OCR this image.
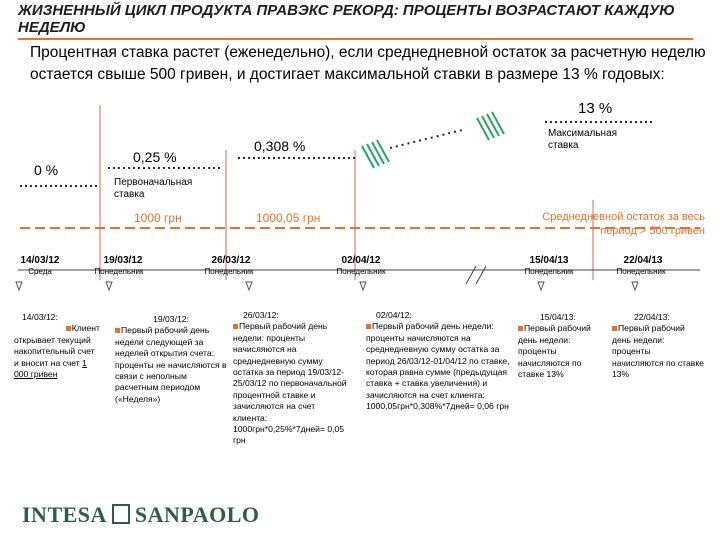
ЖИЗНЕННЫЙ ЦИКЛ ПРОДУКТА ПРАВЭКС РЕКОРД: ПРОЦЕНТЫ ВОЗРАСТАЮТ КАЖДУЮ НЕДЕЛЮ
Процентная ставка растет (еженедельно), если среднедневной остаток за расчетную неделю остается свыше 500 гривен, и достигает максимальной ставки в размере 13 % годовых:
0 %
0,25 %
Первоначальная ставка
0,308 %
13 %
Максимальная ставка
1000 грн	1000,05 грн	Среднедневной остаток за весь период > 500 гривен
14/03/12
Среда
19/03/12
Понедельник
26/03/12
Понедельник
02/04/12
Понедельник
15/04/13
Понедельник
22/04/13
Понедельник
14/03/12:
Клиент
открывает текущий накопительный счет и вносит на счет 1 000 гривен
19/03/12:
Первый рабочий день недели следующей за неделей открытия счета: проценты не начисляются в связи с неполным расчетным периодом («Неделя»)
26/03/12:
Первый рабочий день недели: проценты начисляются на среднедневную сумму остатка за период 19/03/12-25/03/12 по первоначальной процентной ставке и зачисляются на счет клиента: 1000грн*0,25%*7дней= 0,05 грн
02/04/12:
Первый рабочий день недели: проценты начисляются на среднедневную сумму остатка за период 26/03/12-01/04/12 по ставке, которая равна сумме (предыдущая ставка + ставка увеличения) и зачисляются на счет клиента: 1000,05грн*0,308%*7дней= 0,06 грн
15/04/13:
Первый рабочий день недели: проценты начисляются по ставке 13%
22/04/13:
Первый рабочий день недели: проценты начисляются по ставке 13%
INTESA SANPAOLO
